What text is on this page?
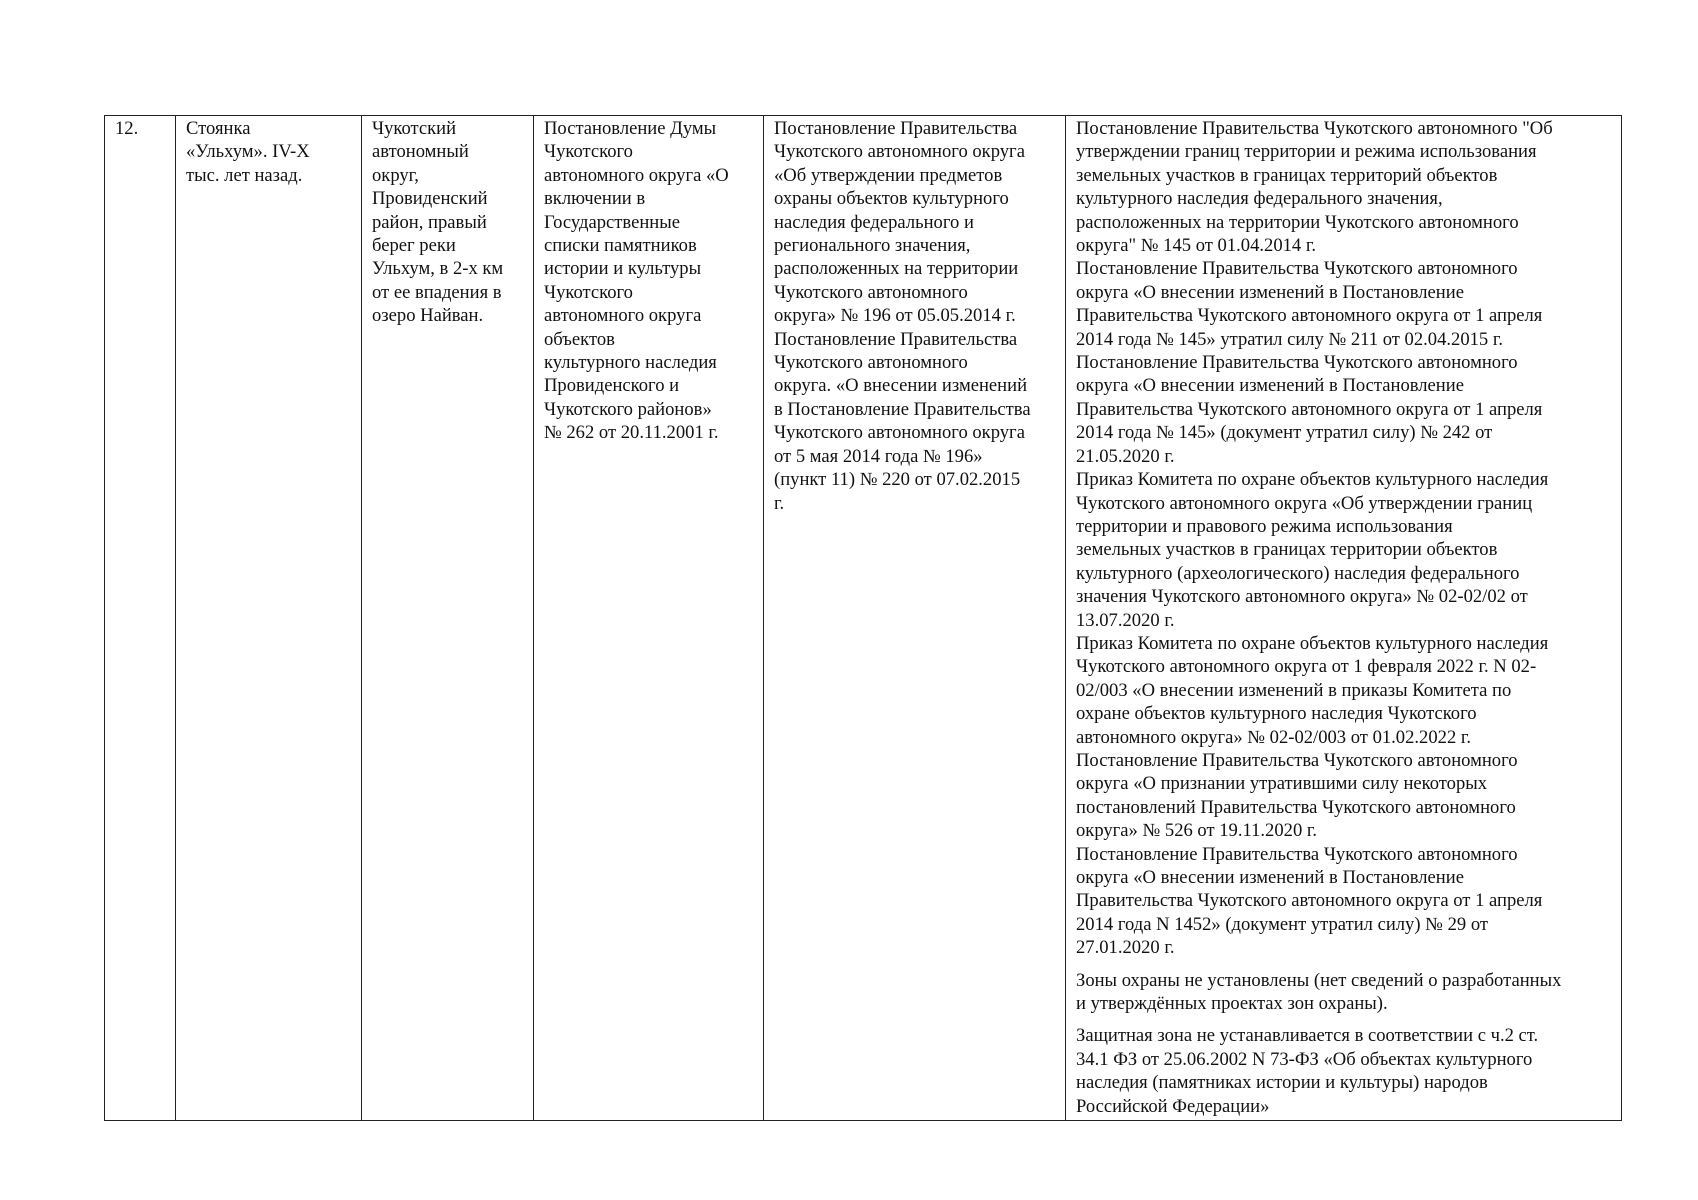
12.	Стоянка
«Ульхум». IV-X
тыс. лет назад.

Чукотский
автономный
округ,
Провиденский
район, правый
берег реки
Ульхум, в 2-х км
от ее впадения в
озеро Найван.

Постановление Думы
Чукотского
автономного округа «О
включении в
Государственные
списки памятников
истории и культуры
Чукотского
автономного округа
объектов
культурного наследия
Провиденского и
Чукотского районов»
№ 262 от 20.11.2001 г.

Постановление Правительства
Чукотского автономного округа
«Об утверждении предметов
охраны объектов культурного
наследия федерального и
регионального значения,
расположенных на территории
Чукотского автономного
округа» № 196 от 05.05.2014 г.
Постановление Правительства
Чукотского автономного
округа. «О внесении изменений
в Постановление Правительства
Чукотского автономного округа
от 5 мая 2014 года № 196»
(пункт 11) № 220 от 07.02.2015
г.

Постановление Правительства Чукотского автономного "Об
утверждении границ территории и режима использования
земельных участков в границах территорий объектов
культурного наследия федерального значения,
расположенных на территории Чукотского автономного
округа" № 145 от 01.04.2014 г.
Постановление Правительства Чукотского автономного
округа «О внесении изменений в Постановление
Правительства Чукотского автономного округа от 1 апреля
2014 года № 145» утратил силу № 211 от 02.04.2015 г.
Постановление Правительства Чукотского автономного
округа «О внесении изменений в Постановление
Правительства Чукотского автономного округа от 1 апреля
2014 года № 145» (документ утратил силу) № 242 от
21.05.2020 г.
Приказ Комитета по охране объектов культурного наследия
Чукотского автономного округа «Об утверждении границ
территории и правового режима использования
земельных участков в границах территории объектов
культурного (археологического) наследия федерального
значения Чукотского автономного округа» № 02-02/02 от
13.07.2020 г.
Приказ Комитета по охране объектов культурного наследия
Чукотского автономного округа от 1 февраля 2022 г. N 02-
02/003 «О внесении изменений в приказы Комитета по
охране объектов культурного наследия Чукотского
автономного округа» № 02-02/003 от 01.02.2022 г.
Постановление Правительства Чукотского автономного
округа «О признании утратившими силу некоторых
постановлений Правительства Чукотского автономного
округа» № 526 от 19.11.2020 г.
Постановление Правительства Чукотского автономного
округа «О внесении изменений в Постановление
Правительства Чукотского автономного округа от 1 апреля
2014 года N 1452» (документ утратил силу) № 29 от
27.01.2020 г.
Зоны охраны не установлены (нет сведений о разработанных
и утверждённых проектах зон охраны).
Защитная зона не устанавливается в соответствии с ч.2 ст.
34.1 ФЗ от 25.06.2002 N 73-ФЗ «Об объектах культурного
наследия (памятниках истории и культуры) народов
Российской Федерации»
